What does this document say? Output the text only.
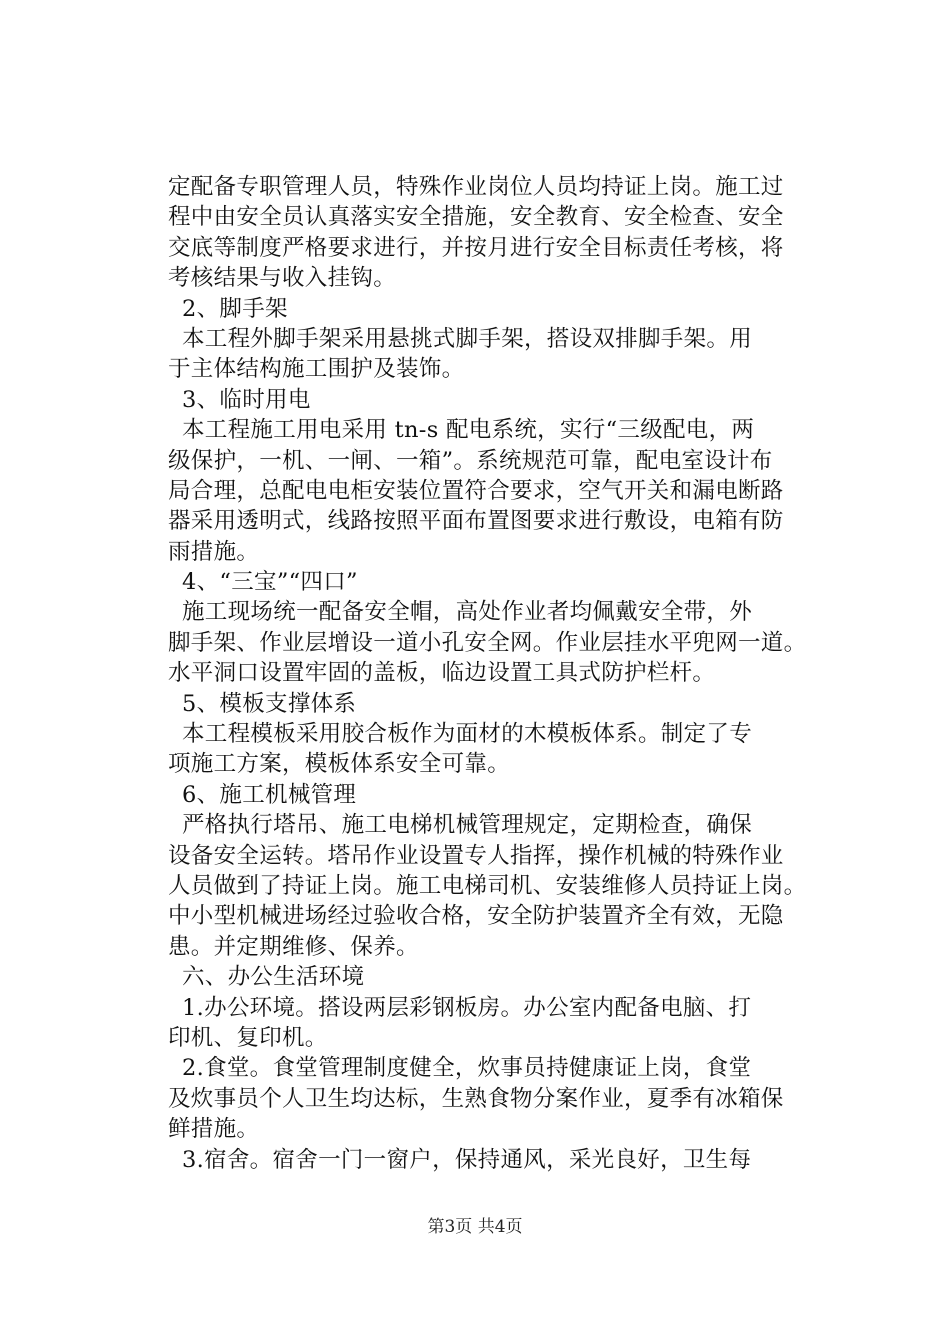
定配备专职管理人员，特殊作业岗位人员均持证上岗。施工过
程中由安全员认真落实安全措施，安全教育、安全检查、安全
交底等制度严格要求进行，并按月进行安全目标责任考核，将
考核结果与收入挂钩。
2、脚手架
本工程外脚手架采用悬挑式脚手架，搭设双排脚手架。用
于主体结构施工围护及装饰。
3、临时用电
本工程施工用电采用 tn-s 配电系统，实行“三级配电，两
级保护，一机、一闸、一箱”。系统规范可靠，配电室设计布
局合理，总配电电柜安装位置符合要求，空气开关和漏电断路
器采用透明式，线路按照平面布置图要求进行敷设，电箱有防
雨措施。
4、“三宝”“四口”
施工现场统一配备安全帽，高处作业者均佩戴安全带，外
脚手架、作业层增设一道小孔安全网。作业层挂水平兜网一道。
水平洞口设置牢固的盖板，临边设置工具式防护栏杆。
5、模板支撑体系
本工程模板采用胶合板作为面材的木模板体系。制定了专
项施工方案，模板体系安全可靠。
6、施工机械管理
严格执行塔吊、施工电梯机械管理规定，定期检查，确保
设备安全运转。塔吊作业设置专人指挥，操作机械的特殊作业
人员做到了持证上岗。施工电梯司机、安装维修人员持证上岗。
中小型机械进场经过验收合格，安全防护装置齐全有效，无隐
患。并定期维修、保养。
六、办公生活环境
1.办公环境。搭设两层彩钢板房。办公室内配备电脑、打
印机、复印机。
2.食堂。食堂管理制度健全，炊事员持健康证上岗，食堂
及炊事员个人卫生均达标，生熟食物分案作业，夏季有冰箱保
鲜措施。
3.宿舍。宿舍一门一窗户，保持通风，采光良好，卫生每
第3页 共4页
